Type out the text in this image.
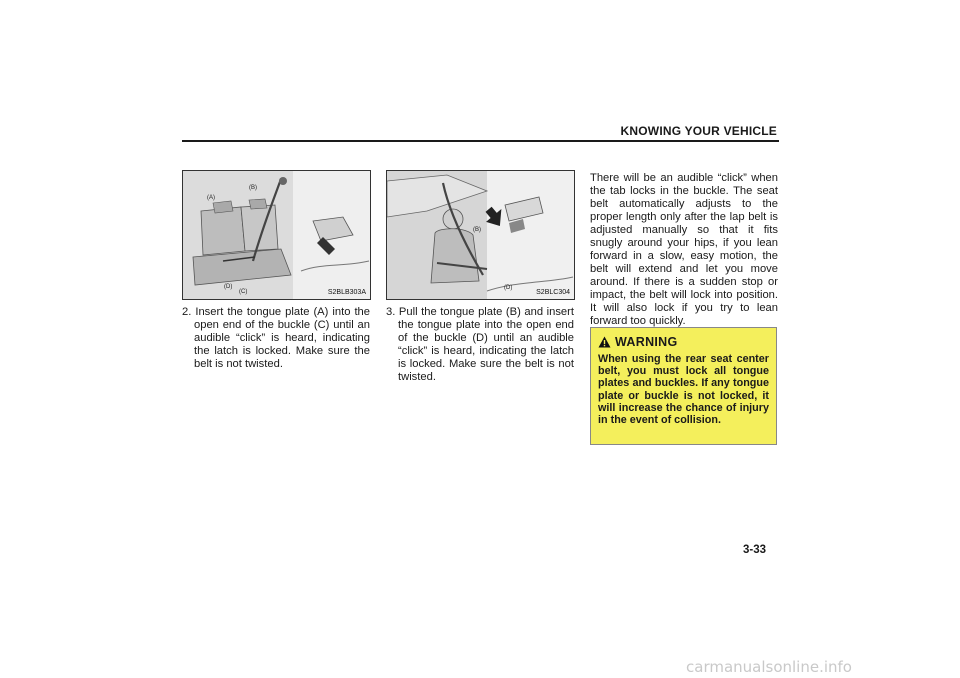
KNOWING YOUR VEHICLE
(A)
(B)
(C)
(D)
S2BLB303A
(B)
(D)
S2BLC304
2. Insert the tongue plate (A) into the open end of the buckle (C) until an audible “click” is heard, indicating the latch is locked. Make sure the belt is not twisted.
3. Pull the tongue plate (B) and insert the tongue plate into the open end of the buckle (D) until an audible “click” is heard, indicating the latch is locked. Make sure the belt is not twisted.
There will be an audible “click” when the tab locks in the buckle. The seat belt automatically adjusts to the proper length only after the lap belt is adjusted manually so that it fits snugly around your hips, if you lean forward in a slow, easy motion, the belt will extend and let you move around. If there is a sudden stop or impact, the belt will lock into position. It will also lock if you try to lean forward too quickly.
WARNING
When using the rear seat center belt, you must lock all tongue plates and buckles. If any tongue plate or buckle is not locked, it will increase the chance of injury in the event of collision.
3-33
carmanualsonline.info
